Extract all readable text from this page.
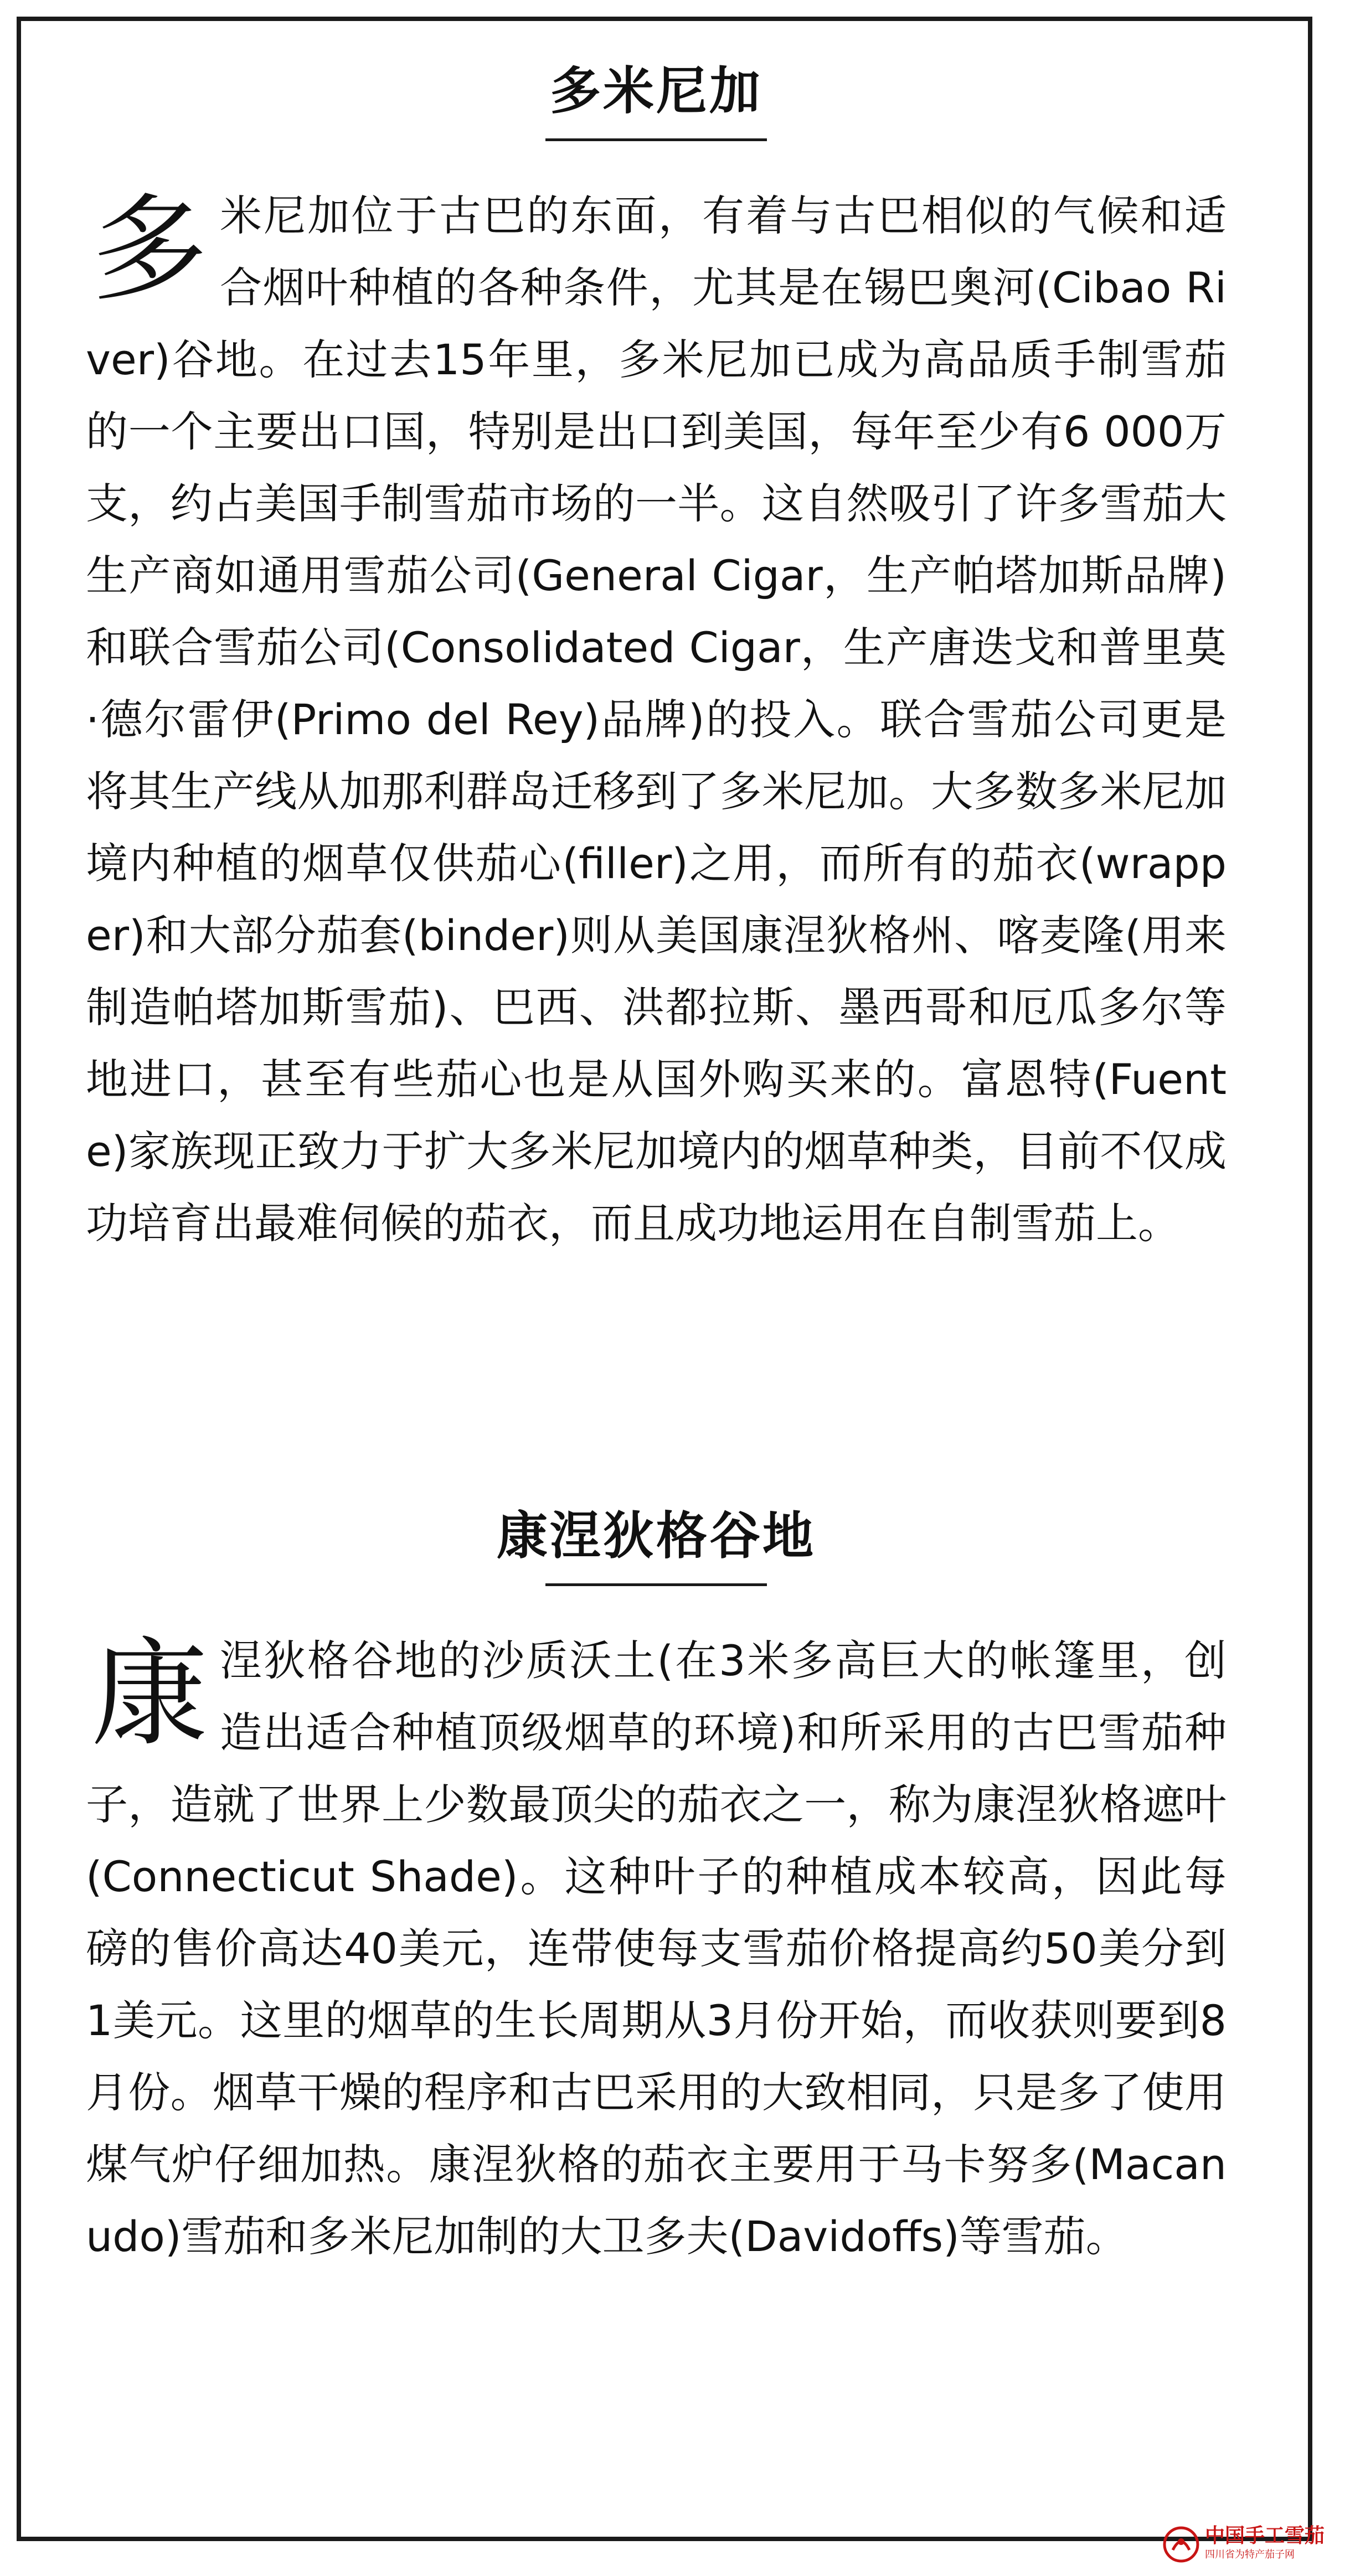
多米尼加

多 米尼加位于古巴的东面，有着与古巴相似的气候和适合烟叶种植的各种条件，尤其是在锡巴奥河(Cibao River)谷地。在过去15年里，多米尼加已成为高品质手制雪茄的一个主要出口国，特别是出口到美国，每年至少有6 000万支，约占美国手制雪茄市场的一半。这自然吸引了许多雪茄大生产商如通用雪茄公司(General Cigar，生产帕塔加斯品牌)和联合雪茄公司(Consolidated Cigar，生产唐迭戈和普里莫·德尔雷伊(Primo del Rey)品牌)的投入。联合雪茄公司更是将其生产线从加那利群岛迁移到了多米尼加。大多数多米尼加境内种植的烟草仅供茄心(filler)之用，而所有的茄衣(wrapper)和大部分茄套(binder)则从美国康涅狄格州、喀麦隆(用来制造帕塔加斯雪茄)、巴西、洪都拉斯、墨西哥和厄瓜多尔等地进口，甚至有些茄心也是从国外购买来的。富恩特(Fuente)家族现正致力于扩大多米尼加境内的烟草种类，目前不仅成功培育出最难伺候的茄衣，而且成功地运用在自制雪茄上。

康涅狄格谷地

康 涅狄格谷地的沙质沃土(在3米多高巨大的帐篷里，创造出适合种植顶级烟草的环境)和所采用的古巴雪茄种子，造就了世界上少数最顶尖的茄衣之一，称为康涅狄格遮叶(Connecticut Shade)。这种叶子的种植成本较高，因此每磅的售价高达40美元，连带使每支雪茄价格提高约50美分到1美元。这里的烟草的生长周期从3月份开始，而收获则要到8月份。烟草干燥的程序和古巴采用的大致相同，只是多了使用煤气炉仔细加热。康涅狄格的茄衣主要用于马卡努多(Macanudo)雪茄和多米尼加制的大卫多夫(Davidoffs)等雪茄。

中国手工雪茄
四川省为特产茄子网
